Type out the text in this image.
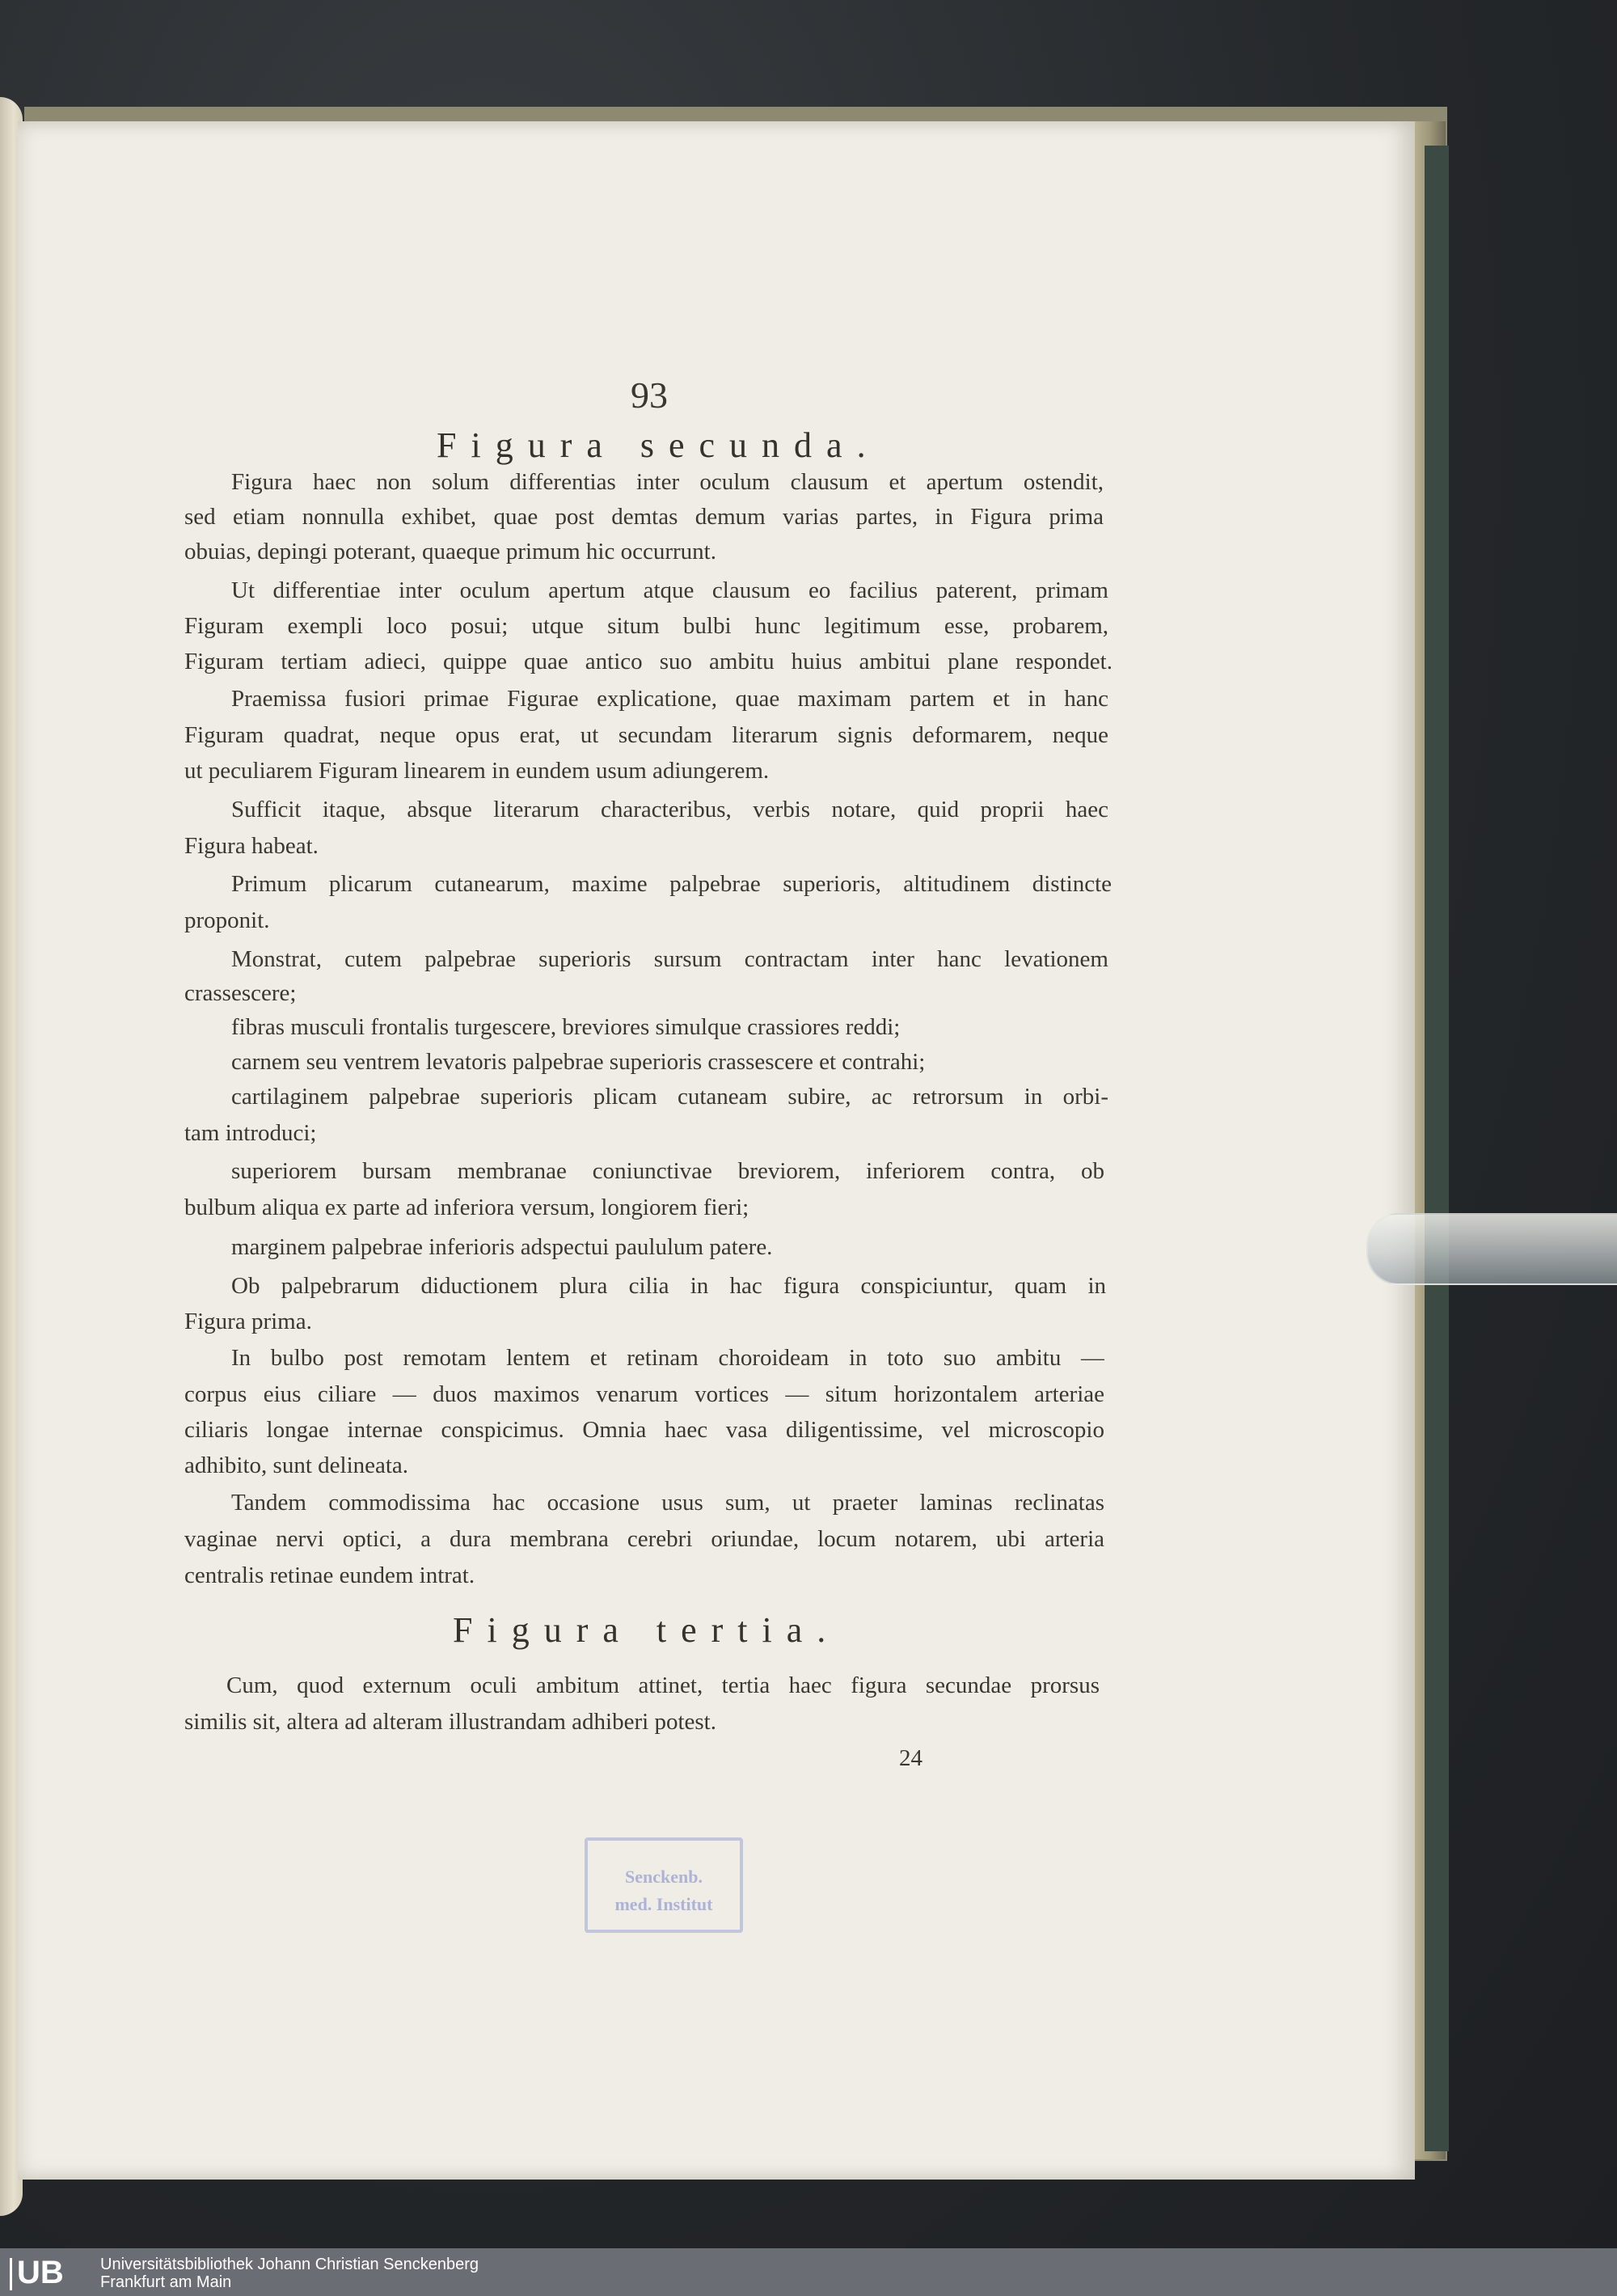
93
Figura secunda.
Figura haec non solum differentias inter oculum clausum et apertum ostendit,
sed etiam nonnulla exhibet, quae post demtas demum varias partes, in Figura prima
obuias, depingi poterant, quaeque primum hic occurrunt.
Ut differentiae inter oculum apertum atque clausum eo facilius paterent, primam
Figuram exempli loco posui; utque situm bulbi hunc legitimum esse, probarem,
Figuram tertiam adieci, quippe quae antico suo ambitu huius ambitui plane respondet.
Praemissa fusiori primae Figurae explicatione, quae maximam partem et in hanc
Figuram quadrat, neque opus erat, ut secundam literarum signis deformarem, neque
ut peculiarem Figuram linearem in eundem usum adiungerem.
Sufficit itaque, absque literarum characteribus, verbis notare, quid proprii haec
Figura habeat.
Primum plicarum cutanearum, maxime palpebrae superioris, altitudinem distincte
proponit.
Monstrat, cutem palpebrae superioris sursum contractam inter hanc levationem
crassescere;
fibras musculi frontalis turgescere, breviores simulque crassiores reddi;
carnem seu ventrem levatoris palpebrae superioris crassescere et contrahi;
cartilaginem palpebrae superioris plicam cutaneam subire, ac retrorsum in orbi-
tam introduci;
superiorem bursam membranae coniunctivae breviorem, inferiorem contra, ob
bulbum aliqua ex parte ad inferiora versum, longiorem fieri;
marginem palpebrae inferioris adspectui paululum patere.
Ob palpebrarum diductionem plura cilia in hac figura conspiciuntur, quam in
Figura prima.
In bulbo post remotam lentem et retinam choroideam in toto suo ambitu —
corpus eius ciliare — duos maximos venarum vortices — situm horizontalem arteriae
ciliaris longae internae conspicimus. Omnia haec vasa diligentissime, vel microscopio
adhibito, sunt delineata.
Tandem commodissima hac occasione usus sum, ut praeter laminas reclinatas
vaginae nervi optici, a dura membrana cerebri oriundae, locum notarem, ubi arteria
centralis retinae eundem intrat.
Figura tertia.
Cum, quod externum oculi ambitum attinet, tertia haec figura secundae prorsus
similis sit, altera ad alteram illustrandam adhiberi potest.
24
Senckenb.
med. Institut
UB	Universitätsbibliothek Johann Christian Senckenberg
Frankfurt am Main
